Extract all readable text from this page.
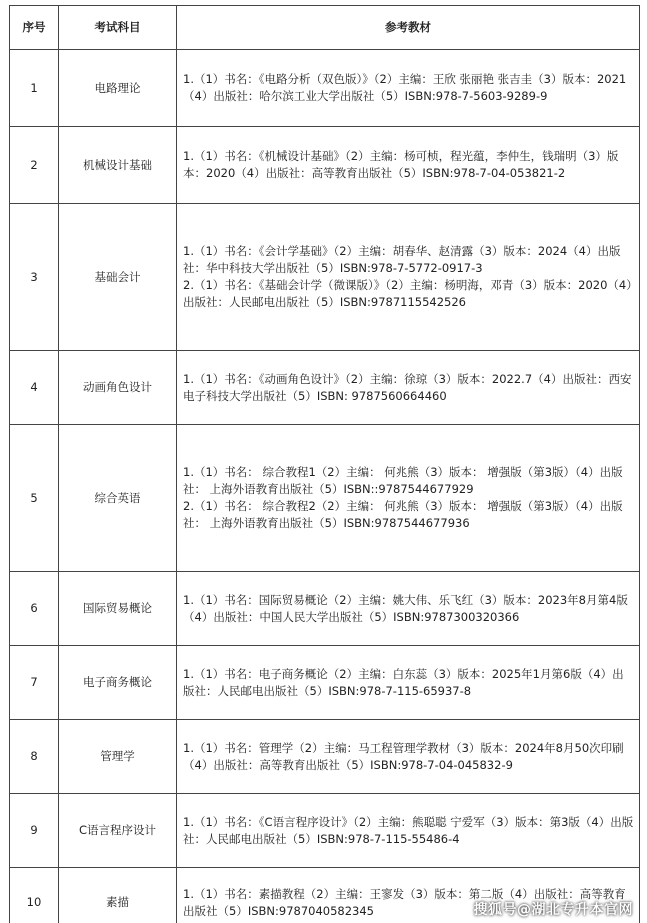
序号	考试科目	参考教材
1	电路理论	1.（1）书名：《电路分析（双色版）》（2）主编：王欣 张丽艳 张吉圭（3）版本：2021（4）出版社：哈尔滨工业大学出版社（5）ISBN:978-7-5603-9289-9

2	机械设计基础	1.（1）书名：《机械设计基础》（2）主编：杨可桢，程光蕴，李仲生，钱瑞明（3）版本：2020（4）出版社：高等教育出版社（5）ISBN:978-7-04-053821-2

3	基础会计	1.（1）书名：《会计学基础》（2）主编：胡春华、赵清露（3）版本：2024（4）出版社：华中科技大学出版社（5）ISBN:978-7-5772-0917-3
2.（1）书名：《基础会计学（微课版）》（2）主编：杨明海，邓青（3）版本：2020（4）出版社：人民邮电出版社（5）ISBN:9787115542526

4	动画角色设计	1.（1）书名：《动画角色设计》（2）主编：徐琼（3）版本：2022.7（4）出版社：西安电子科技大学出版社（5）ISBN: 9787560664460

5	综合英语	1.（1）书名： 综合教程1（2）主编： 何兆熊（3）版本： 增强版（第3版）（4）出版社： 上海外语教育出版社（5）ISBN::9787544677929
2.（1）书名： 综合教程2（2）主编： 何兆熊（3）版本： 增强版（第3版）（4）出版社： 上海外语教育出版社（5）ISBN:9787544677936

6	国际贸易概论	1.（1）书名：国际贸易概论（2）主编：姚大伟、乐飞红（3）版本：2023年8月第4版（4）出版社：中国人民大学出版社（5）ISBN:9787300320366

7	电子商务概论	1.（1）书名：电子商务概论（2）主编：白东蕊（3）版本：2025年1月第6版（4）出版社：人民邮电出版社（5）ISBN:978-7-115-65937-8

8	管理学	1.（1）书名：管理学（2）主编：马工程管理学教材（3）版本：2024年8月50次印刷（4）出版社：高等教育出版社（5）ISBN:978-7-04-045832-9

9	C语言程序设计	1.（1）书名：《C语言程序设计》（2）主编：熊聪聪 宁爱军（3）版本：第3版（4）出版社：人民邮电出版社（5）ISBN:978-7-115-55486-4

10	素描	1.（1）书名：素描教程（2）主编：王寥发（3）版本：第二版（4）出版社：高等教育出版社（5）ISBN:9787040582345	搜狐号@湖北专升本官网
